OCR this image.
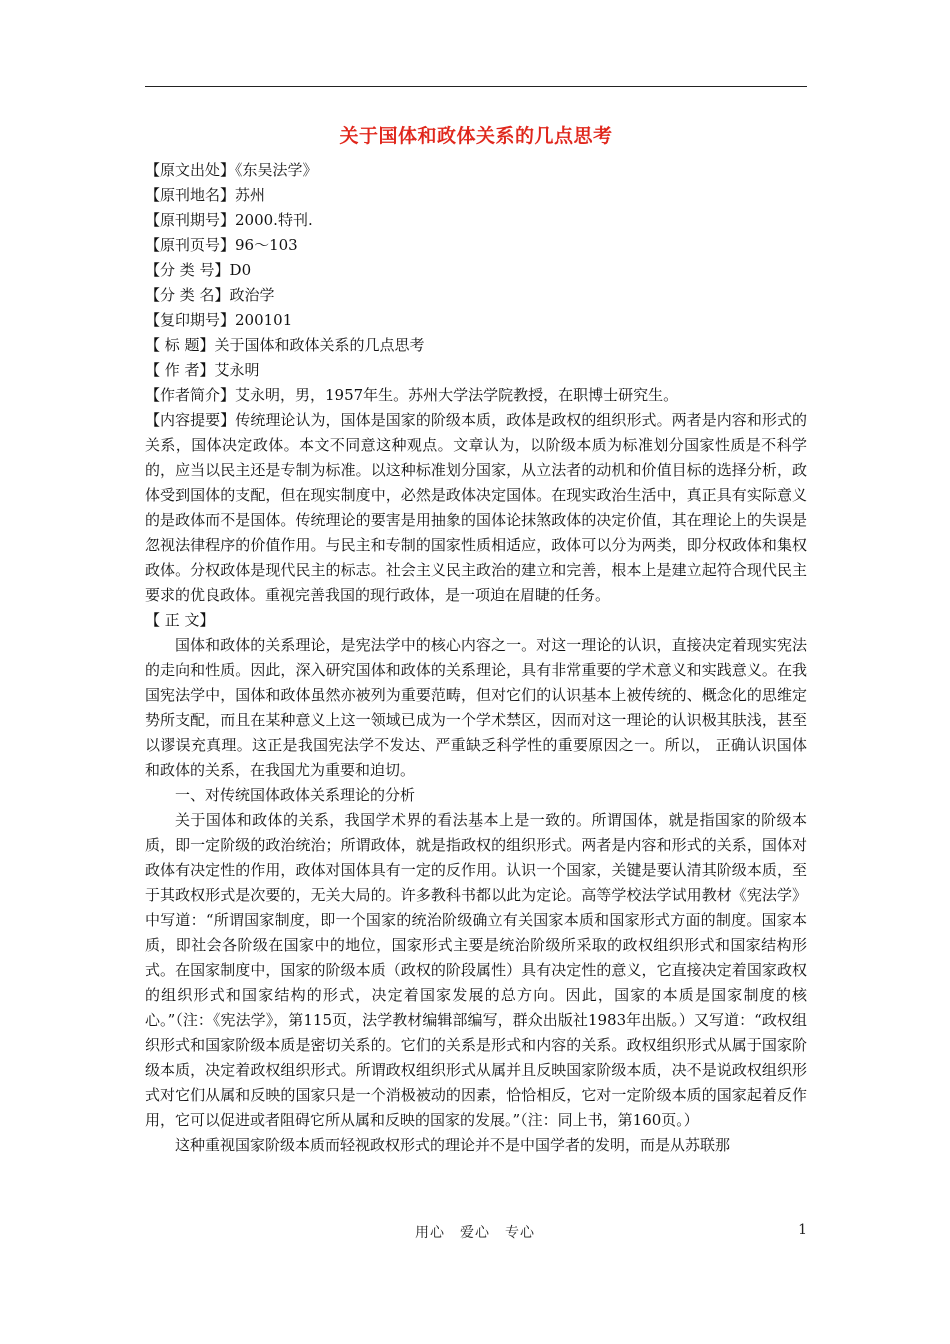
关于国体和政体关系的几点思考
【原文出处】《东吴法学》
【原刊地名】苏州
【原刊期号】2000.特刊.
【原刊页号】96～103
【分 类 号】D0
【分 类 名】政治学
【复印期号】200101
【 标 题】关于国体和政体关系的几点思考
【 作 者】艾永明
【作者简介】艾永明，男，1957年生。苏州大学法学院教授，在职博士研究生。

【内容提要】传统理论认为，国体是国家的阶级本质，政体是政权的组织形式。两者是内容和形式的关系，国体决定政体。本文不同意这种观点。文章认为，以阶级本质为标准划分国家性质是不科学的，应当以民主还是专制为标准。以这种标准划分国家，从立法者的动机和价值目标的选择分析，政体受到国体的支配，但在现实制度中，必然是政体决定国体。在现实政治生活中，真正具有实际意义的是政体而不是国体。传统理论的要害是用抽象的国体论抹煞政体的决定价值，其在理论上的失误是忽视法律程序的价值作用。与民主和专制的国家性质相适应，政体可以分为两类，即分权政体和集权政体。分权政体是现代民主的标志。社会主义民主政治的建立和完善，根本上是建立起符合现代民主要求的优良政体。重视完善我国的现行政体，是一项迫在眉睫的任务。

【 正 文】

国体和政体的关系理论，是宪法学中的核心内容之一。对这一理论的认识，直接决定着现实宪法的走向和性质。因此，深入研究国体和政体的关系理论，具有非常重要的学术意义和实践意义。在我国宪法学中，国体和政体虽然亦被列为重要范畴，但对它们的认识基本上被传统的、概念化的思维定势所支配，而且在某种意义上这一领域已成为一个学术禁区，因而对这一理论的认识极其肤浅，甚至以谬误充真理。这正是我国宪法学不发达、严重缺乏科学性的重要原因之一。所以， 正确认识国体和政体的关系，在我国尤为重要和迫切。

一、对传统国体政体关系理论的分析

关于国体和政体的关系，我国学术界的看法基本上是一致的。所谓国体，就是指国家的阶级本质，即一定阶级的政治统治；所谓政体，就是指政权的组织形式。两者是内容和形式的关系，国体对政体有决定性的作用，政体对国体具有一定的反作用。认识一个国家，关键是要认清其阶级本质，至于其政权形式是次要的，无关大局的。许多教科书都以此为定论。高等学校法学试用教材《宪法学》中写道：“所谓国家制度，即一个国家的统治阶级确立有关国家本质和国家形式方面的制度。国家本质，即社会各阶级在国家中的地位，国家形式主要是统治阶级所采取的政权组织形式和国家结构形式。在国家制度中，国家的阶级本质（政权的阶段属性）具有决定性的意义，它直接决定着国家政权的组织形式和国家结构的形式，决定着国家发展的总方向。因此，国家的本质是国家制度的核心。”（注：《宪法学》，第115页，法学教材编辑部编写，群众出版社1983年出版。）又写道：“政权组织形式和国家阶级本质是密切关系的。它们的关系是形式和内容的关系。政权组织形式从属于国家阶级本质，决定着政权组织形式。所谓政权组织形式从属并且反映国家阶级本质，决不是说政权组织形式对它们从属和反映的国家只是一个消极被动的因素，恰恰相反，它对一定阶级本质的国家起着反作用，它可以促进或者阻碍它所从属和反映的国家的发展。”（注：同上书，第160页。）

这种重视国家阶级本质而轻视政权形式的理论并不是中国学者的发明，而是从苏联那

用心　爱心　专心	1
